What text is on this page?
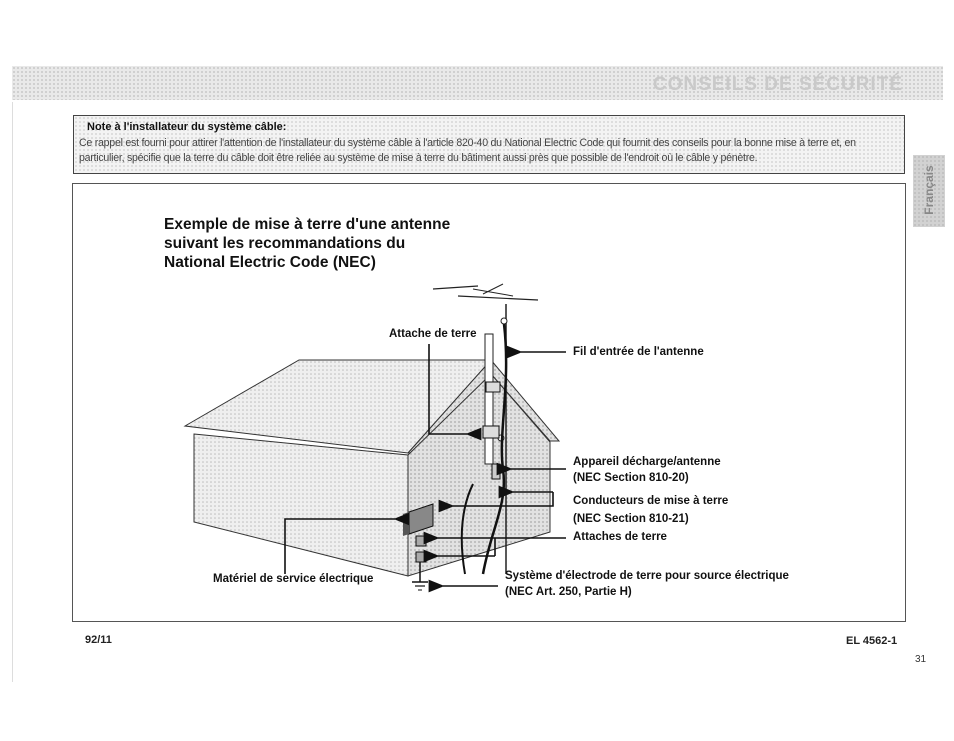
CONSEILS DE SÉCURITÉ
Note à l'installateur du système câble:
Ce rappel est fourni pour attirer l'attention de l'installateur du système câble à l'article 820-40 du National Electric Code qui fournit des conseils pour la bonne mise à terre et, en particulier, spécifie que la terre du câble doit être reliée au système de mise à terre du bâtiment aussi près que possible de l'endroit où le câble y pénètre.
Français
Exemple de mise à terre d'une antenne
suivant les recommandations du
National Electric Code (NEC)
Attache de terre
Fil d'entrée de l'antenne
Appareil décharge/antenne
(NEC Section 810-20)
Conducteurs de mise à terre
(NEC Section 810-21)
Attaches de terre
Matériel de service électrique	Système d'électrode de terre pour source électrique
(NEC Art. 250, Partie H)
92/11	EL 4562-1
31
